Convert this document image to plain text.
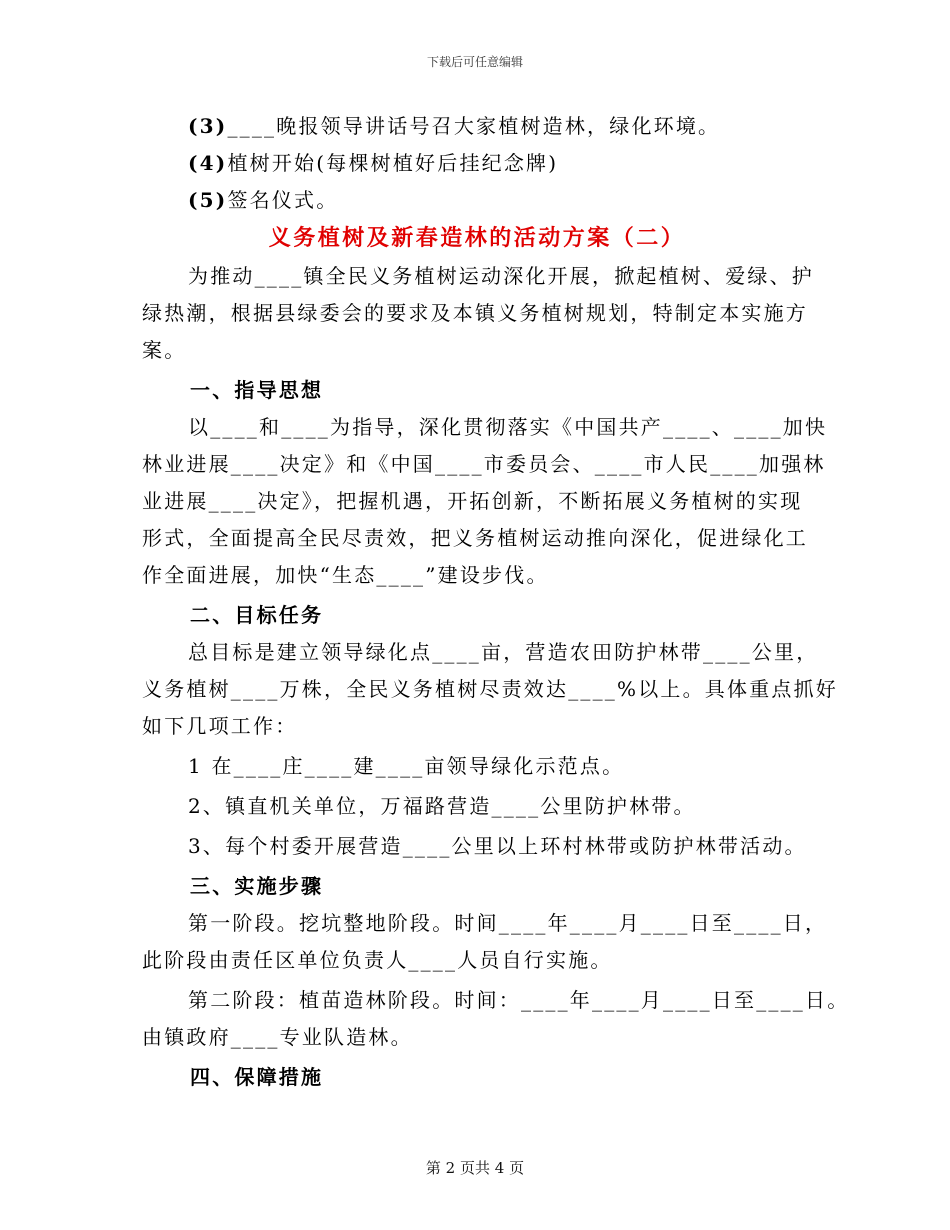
下载后可任意编辑
(3)____晚报领导讲话号召大家植树造林，绿化环境。
(4)植树开始(每棵树植好后挂纪念牌)
(5)签名仪式。
义务植树及新春造林的活动方案（二）
为推动____镇全民义务植树运动深化开展，掀起植树、爱绿、护
绿热潮，根据县绿委会的要求及本镇义务植树规划，特制定本实施方
案。
一、指导思想
以____和____为指导，深化贯彻落实《中国共产____、____加快
林业进展____决定》和《中国____市委员会、____市人民____加强林
业进展____决定》，把握机遇，开拓创新，不断拓展义务植树的实现
形式，全面提高全民尽责效，把义务植树运动推向深化，促进绿化工
作全面进展，加快“生态____”建设步伐。
二、目标任务
总目标是建立领导绿化点____亩，营造农田防护林带____公里，
义务植树____万株，全民义务植树尽责效达____%以上。具体重点抓好
如下几项工作：
1 在____庄____建____亩领导绿化示范点。
2、镇直机关单位，万福路营造____公里防护林带。
3、每个村委开展营造____公里以上环村林带或防护林带活动。
三、实施步骤
第一阶段。挖坑整地阶段。时间____年____月____日至____日，
此阶段由责任区单位负责人____人员自行实施。
第二阶段：植苗造林阶段。时间：____年____月____日至____日。
由镇政府____专业队造林。
四、保障措施
第 2 页共 4 页
